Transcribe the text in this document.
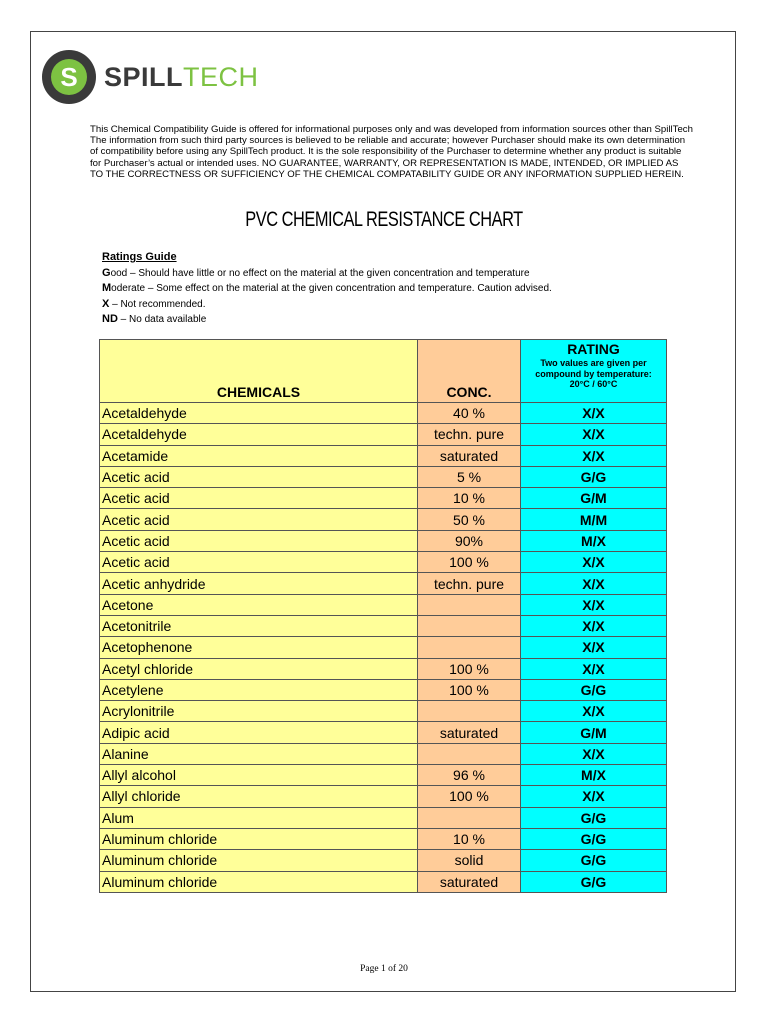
S SPILLTECH
This Chemical Compatibility Guide is offered for informational purposes only and was developed from information sources other than SpillTech
The information from such third party sources is believed to be reliable and accurate; however Purchaser should make its own determination
of compatibility before using any SpillTech product. It is the sole responsibility of the Purchaser to determine whether any product is suitable
for Purchaser’s actual or intended uses. NO GUARANTEE, WARRANTY, OR REPRESENTATION IS MADE, INTENDED, OR IMPLIED AS
TO THE CORRECTNESS OR SUFFICIENCY OF THE CHEMICAL COMPATABILITY GUIDE OR ANY INFORMATION SUPPLIED HEREIN.
PVC CHEMICAL RESISTANCE CHART
Ratings Guide
Good – Should have little or no effect on the material at the given concentration and temperature
Moderate – Some effect on the material at the given concentration and temperature. Caution advised.
X – Not recommended.
ND – No data available
CHEMICALS	CONC.	RATING
Two values are given per
compound by temperature:
20°C / 60°C

Acetaldehyde	40 %	X/X
Acetaldehyde	techn. pure	X/X
Acetamide	saturated	X/X
Acetic acid	5 %	G/G
Acetic acid	10 %	G/M
Acetic acid	50 %	M/M
Acetic acid	90%	M/X
Acetic acid	100 %	X/X
Acetic anhydride	techn. pure	X/X
Acetone		X/X
Acetonitrile		X/X
Acetophenone		X/X
Acetyl chloride	100 %	X/X
Acetylene	100 %	G/G
Acrylonitrile		X/X
Adipic acid	saturated	G/M
Alanine		X/X
Allyl alcohol	96 %	M/X
Allyl chloride	100 %	X/X
Alum		G/G
Aluminum chloride	10 %	G/G
Aluminum chloride	solid	G/G
Aluminum chloride	saturated	G/G
Page 1 of 20
